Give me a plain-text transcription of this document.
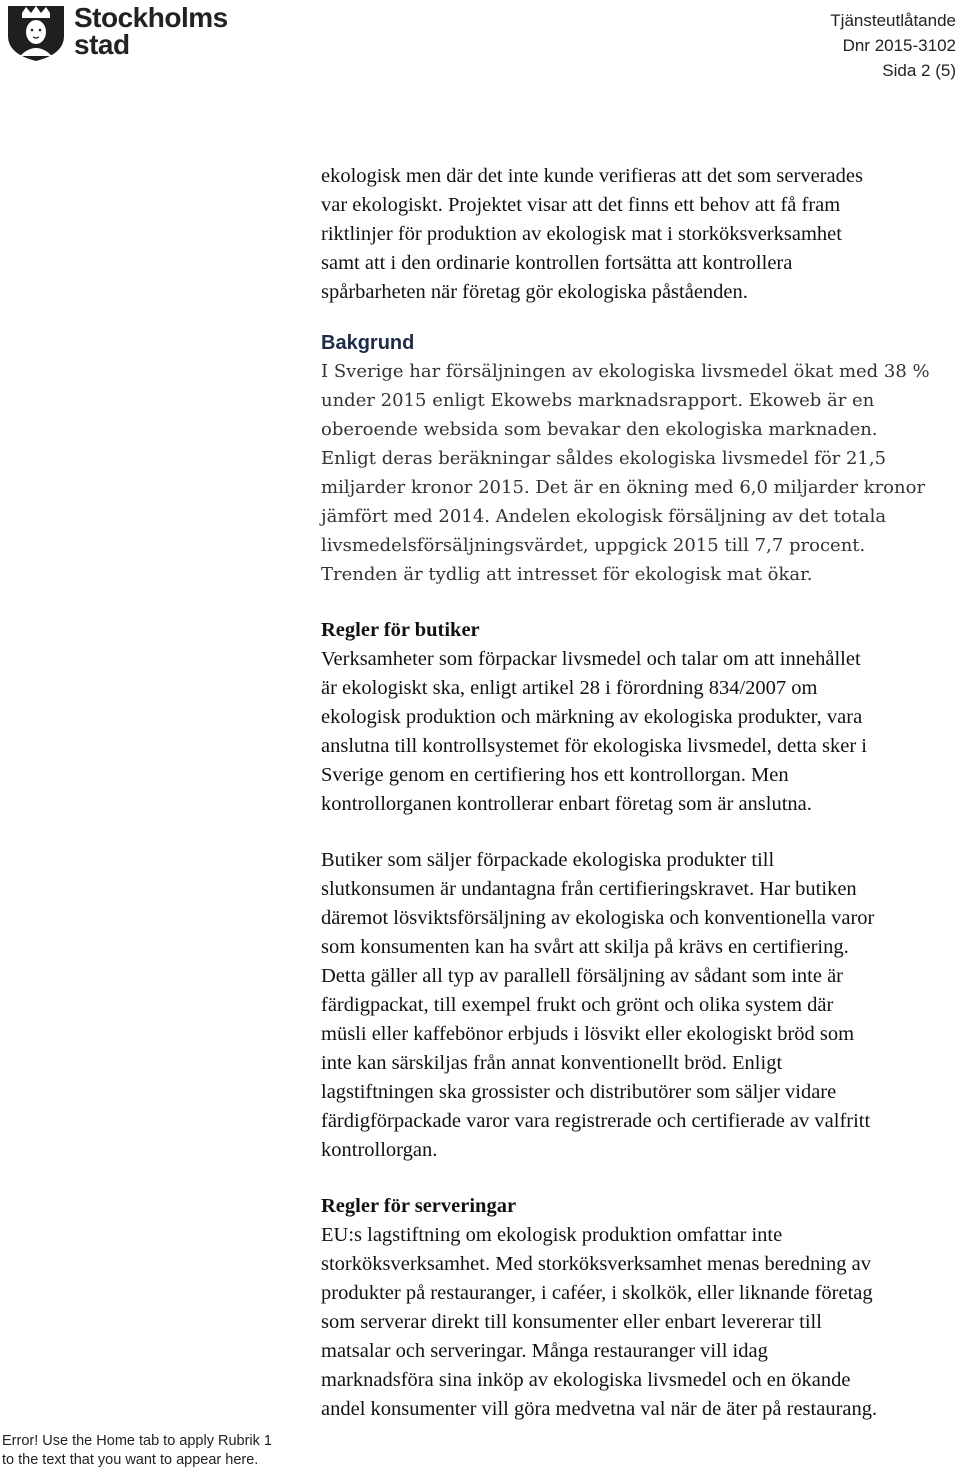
Stockholms
stad
Tjänsteutlåtande
Dnr 2015-3102
Sida 2 (5)

ekologisk men där det inte kunde verifieras att det som serverades

var ekologiskt. Projektet visar att det finns ett behov att få fram

riktlinjer för produktion av ekologisk mat i storköksverksamhet

samt att i den ordinarie kontrollen fortsätta att kontrollera

spårbarheten när företag gör ekologiska påståenden.

Bakgrund

I Sverige har försäljningen av ekologiska livsmedel ökat med 38 %

under 2015 enligt Ekowebs marknadsrapport. Ekoweb är en

oberoende websida som bevakar den ekologiska marknaden.

Enligt deras beräkningar såldes ekologiska livsmedel för 21,5

miljarder kronor 2015. Det är en ökning med 6,0 miljarder kronor

jämfört med 2014. Andelen ekologisk försäljning av det totala

livsmedelsförsäljningsvärdet, uppgick 2015 till 7,7 procent.

Trenden är tydlig att intresset för ekologisk mat ökar.

Regler för butiker

Verksamheter som förpackar livsmedel och talar om att innehållet

är ekologiskt ska, enligt artikel 28 i förordning 834/2007 om

ekologisk produktion och märkning av ekologiska produkter, vara

anslutna till kontrollsystemet för ekologiska livsmedel, detta sker i

Sverige genom en certifiering hos ett kontrollorgan. Men

kontrollorganen kontrollerar enbart företag som är anslutna.

Butiker som säljer förpackade ekologiska produkter till

slutkonsumen är undantagna från certifieringskravet. Har butiken

däremot lösviktsförsäljning av ekologiska och konventionella varor

som konsumenten kan ha svårt att skilja på krävs en certifiering.

Detta gäller all typ av parallell försäljning av sådant som inte är

färdigpackat, till exempel frukt och grönt och olika system där

müsli eller kaffebönor erbjuds i lösvikt eller ekologiskt bröd som

inte kan särskiljas från annat konventionellt bröd. Enligt

lagstiftningen ska grossister och distributörer som säljer vidare

färdigförpackade varor vara registrerade och certifierade av valfritt

kontrollorgan.

Regler för serveringar

EU:s lagstiftning om ekologisk produktion omfattar inte

storköksverksamhet. Med storköksverksamhet menas beredning av

produkter på restauranger, i caféer, i skolkök, eller liknande företag

som serverar direkt till konsumenter eller enbart levererar till

matsalar och serveringar. Många restauranger vill idag

marknadsföra sina inköp av ekologiska livsmedel och en ökande

andel konsumenter vill göra medvetna val när de äter på restaurang.

Error! Use the Home tab to apply Rubrik 1
to the text that you want to appear here.
